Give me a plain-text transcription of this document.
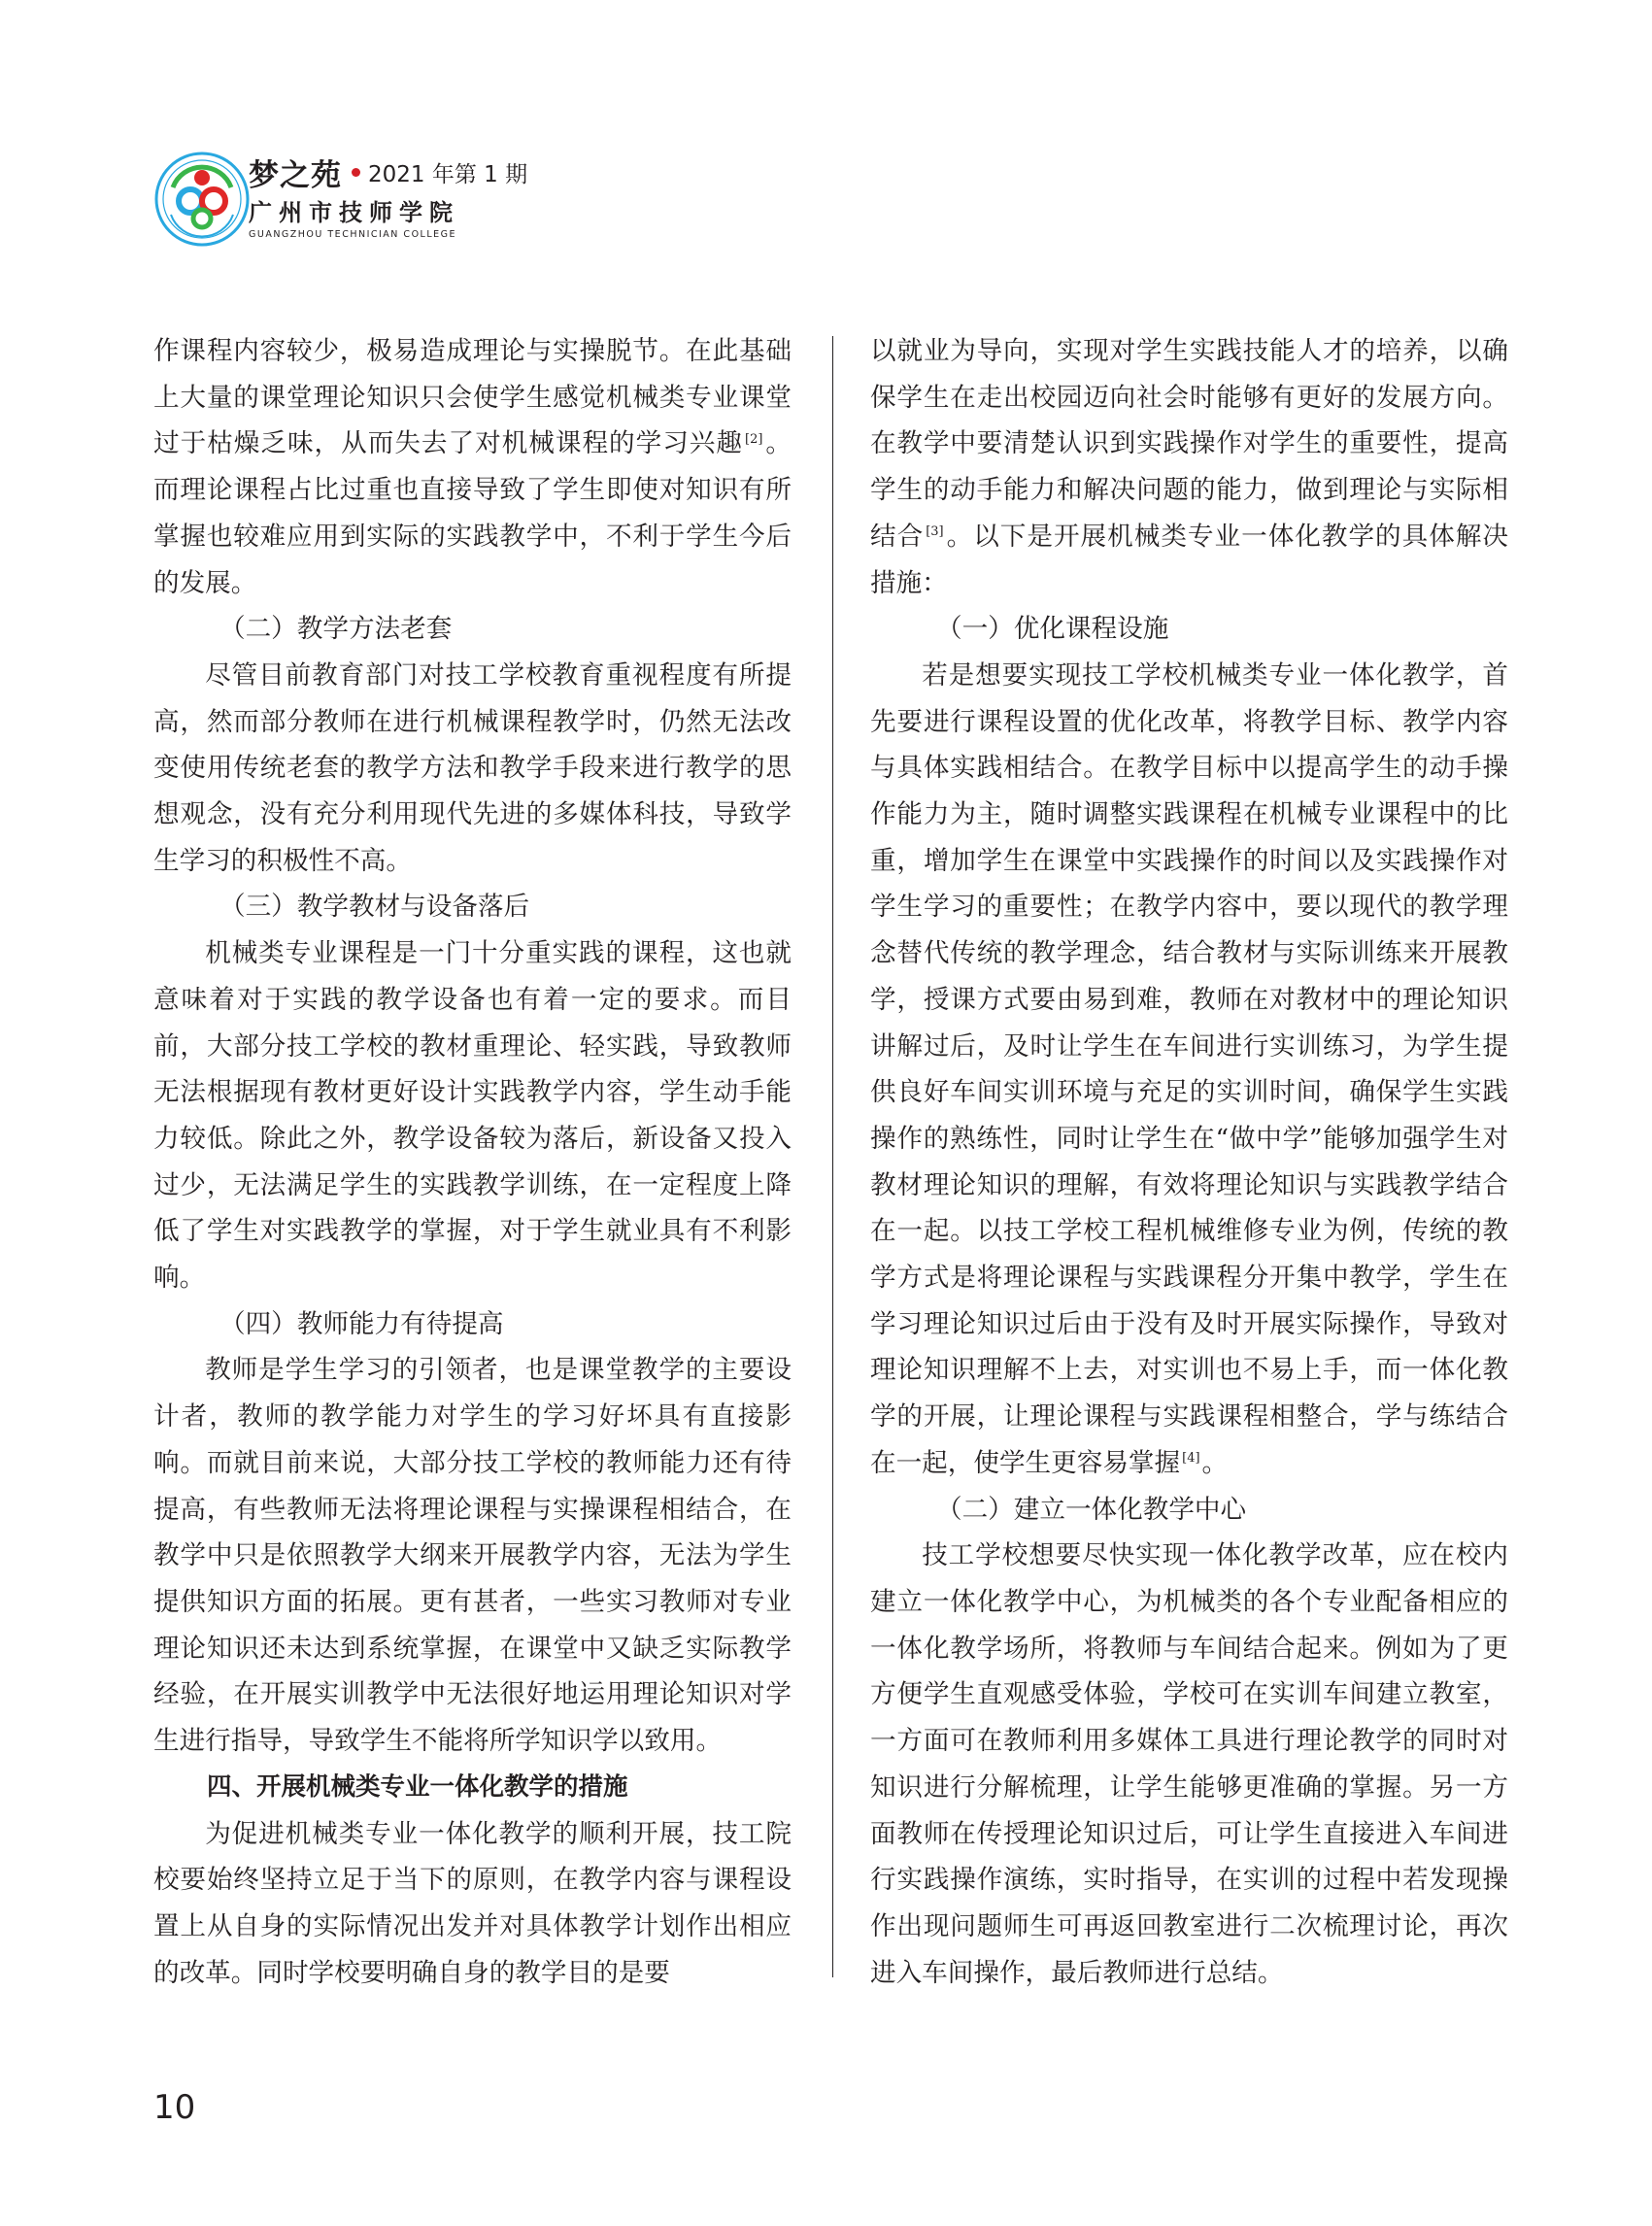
梦之苑 2021 年第 1 期
广州市技师学院
GUANGZHOU TECHNICIAN COLLEGE

作课程内容较少，极易造成理论与实操脱节。在此基础上大量的课堂理论知识只会使学生感觉机械类专业课堂过于枯燥乏味，从而失去了对机械课程的学习兴趣 [2]。而理论课程占比过重也直接导致了学生即使对知识有所掌握也较难应用到实际的实践教学中，不利于学生今后的发展。

（二）教学方法老套

尽管目前教育部门对技工学校教育重视程度有所提高，然而部分教师在进行机械课程教学时，仍然无法改变使用传统老套的教学方法和教学手段来进行教学的思想观念，没有充分利用现代先进的多媒体科技，导致学生学习的积极性不高。

（三）教学教材与设备落后

机械类专业课程是一门十分重实践的课程，这也就意味着对于实践的教学设备也有着一定的要求。而目前，大部分技工学校的教材重理论、轻实践，导致教师无法根据现有教材更好设计实践教学内容，学生动手能力较低。除此之外，教学设备较为落后，新设备又投入过少，无法满足学生的实践教学训练，在一定程度上降低了学生对实践教学的掌握，对于学生就业具有不利影响。

（四）教师能力有待提高

教师是学生学习的引领者，也是课堂教学的主要设计者，教师的教学能力对学生的学习好坏具有直接影响。而就目前来说，大部分技工学校的教师能力还有待提高，有些教师无法将理论课程与实操课程相结合，在教学中只是依照教学大纲来开展教学内容，无法为学生提供知识方面的拓展。更有甚者，一些实习教师对专业理论知识还未达到系统掌握，在课堂中又缺乏实际教学经验，在开展实训教学中无法很好地运用理论知识对学生进行指导，导致学生不能将所学知识学以致用。

四、开展机械类专业一体化教学的措施

为促进机械类专业一体化教学的顺利开展，技工院校要始终坚持立足于当下的原则，在教学内容与课程设置上从自身的实际情况出发并对具体教学计划作出相应的改革。同时学校要明确自身的教学目的是要

以就业为导向，实现对学生实践技能人才的培养，以确保学生在走出校园迈向社会时能够有更好的发展方向。在教学中要清楚认识到实践操作对学生的重要性，提高学生的动手能力和解决问题的能力，做到理论与实际相结合 [3]。以下是开展机械类专业一体化教学的具体解决措施：

（一）优化课程设施

若是想要实现技工学校机械类专业一体化教学，首先要进行课程设置的优化改革，将教学目标、教学内容与具体实践相结合。在教学目标中以提高学生的动手操作能力为主，随时调整实践课程在机械专业课程中的比重，增加学生在课堂中实践操作的时间以及实践操作对学生学习的重要性；在教学内容中，要以现代的教学理念替代传统的教学理念，结合教材与实际训练来开展教学，授课方式要由易到难，教师在对教材中的理论知识讲解过后，及时让学生在车间进行实训练习，为学生提供良好车间实训环境与充足的实训时间，确保学生实践操作的熟练性，同时让学生在“做中学”能够加强学生对教材理论知识的理解，有效将理论知识与实践教学结合在一起。以技工学校工程机械维修专业为例，传统的教学方式是将理论课程与实践课程分开集中教学，学生在学习理论知识过后由于没有及时开展实际操作，导致对理论知识理解不上去，对实训也不易上手，而一体化教学的开展，让理论课程与实践课程相整合，学与练结合在一起，使学生更容易掌握 [4]。

（二）建立一体化教学中心

技工学校想要尽快实现一体化教学改革，应在校内建立一体化教学中心，为机械类的各个专业配备相应的一体化教学场所，将教师与车间结合起来。例如为了更方便学生直观感受体验，学校可在实训车间建立教室，一方面可在教师利用多媒体工具进行理论教学的同时对知识进行分解梳理，让学生能够更准确的掌握。另一方面教师在传授理论知识过后，可让学生直接进入车间进行实践操作演练，实时指导，在实训的过程中若发现操作出现问题师生可再返回教室进行二次梳理讨论，再次进入车间操作，最后教师进行总结。

10
